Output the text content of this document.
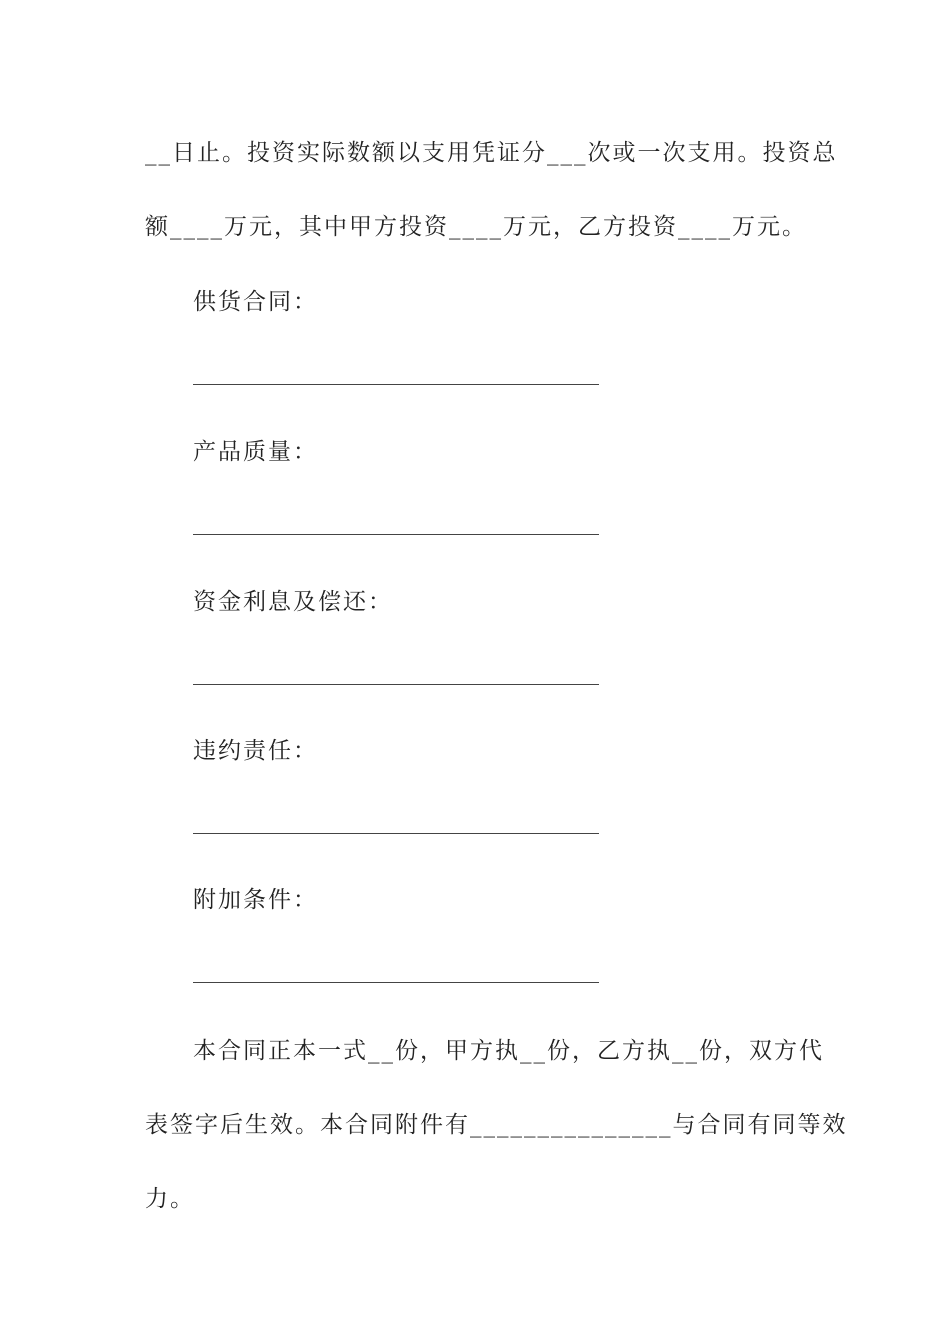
__日止。投资实际数额以支用凭证分___次或一次支用。投资总
额____万元，其中甲方投资____万元，乙方投资____万元。
供货合同：
产品质量：
资金利息及偿还：
违约责任：
附加条件：
本合同正本一式__份，甲方执__份，乙方执__份，双方代
表签字后生效。本合同附件有_______________与合同有同等效
力。
